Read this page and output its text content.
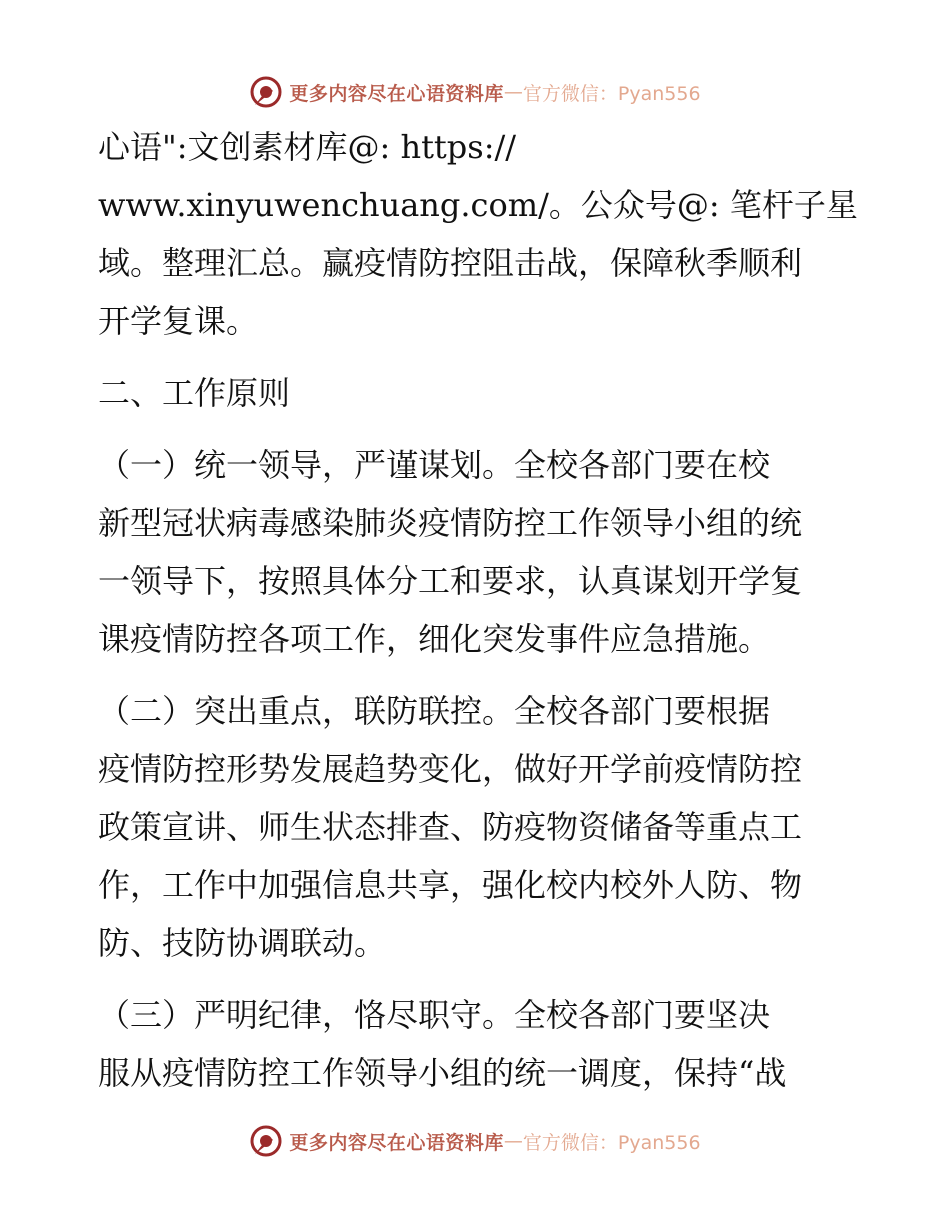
更多内容尽在心语资料库 — 官方微信：Pyan556
心语":文创素材库@: https://
www.xinyuwenchuang.com/。公众号@: 笔杆子星
域。整理汇总。赢疫情防控阻击战，保障秋季顺利
开学复课。
二、工作原则
（一）统一领导，严谨谋划。全校各部门要在校
新型冠状病毒感染肺炎疫情防控工作领导小组的统
一领导下，按照具体分工和要求，认真谋划开学复
课疫情防控各项工作，细化突发事件应急措施。
（二）突出重点，联防联控。全校各部门要根据
疫情防控形势发展趋势变化，做好开学前疫情防控
政策宣讲、师生状态排查、防疫物资储备等重点工
作，工作中加强信息共享，强化校内校外人防、物
防、技防协调联动。
（三）严明纪律，恪尽职守。全校各部门要坚决
服从疫情防控工作领导小组的统一调度，保持“战
更多内容尽在心语资料库 — 官方微信：Pyan556
